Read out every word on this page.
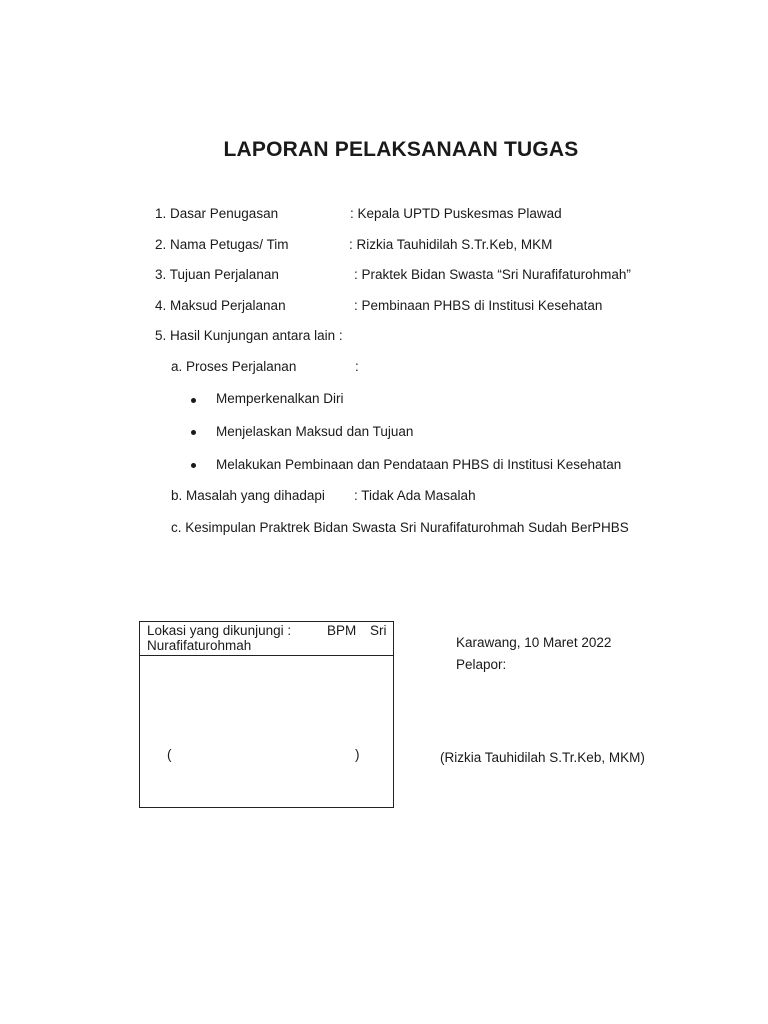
LAPORAN PELAKSANAAN TUGAS
1. Dasar Penugasan	: Kepala UPTD Puskesmas Plawad
2. Nama Petugas/ Tim	: Rizkia Tauhidilah S.Tr.Keb, MKM
3. Tujuan Perjalanan	: Praktek Bidan Swasta “Sri Nurafifaturohmah”
4. Maksud Perjalanan	: Pembinaan PHBS di Institusi Kesehatan
5. Hasil Kunjungan antara lain :
a. Proses Perjalanan	:
Memperkenalkan Diri
Menjelaskan Maksud dan Tujuan
Melakukan Pembinaan dan Pendataan PHBS di Institusi Kesehatan
b. Masalah yang dihadapi : Tidak Ada Masalah
c. Kesimpulan Praktrek Bidan Swasta Sri Nurafifaturohmah Sudah BerPHBS
Lokasi yang dikunjungi :	BPM Sri
Nurafifaturohmah
(	)
Karawang, 10 Maret 2022
Pelapor:
(Rizkia Tauhidilah S.Tr.Keb, MKM)
